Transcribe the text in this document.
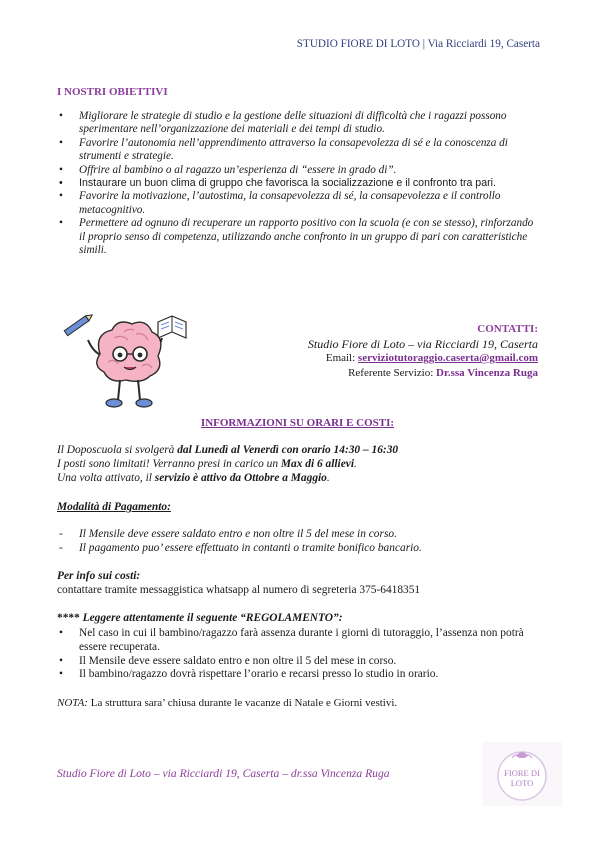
STUDIO FIORE DI LOTO | Via Ricciardi 19, Caserta
I NOSTRI OBIETTIVI
• Migliorare le strategie di studio e la gestione delle situazioni di difficoltà che i ragazzi possono sperimentare nell’organizzazione dei materiali e dei tempi di studio.
• Favorire l’autonomia nell’apprendimento attraverso la consapevolezza di sé e la conoscenza di strumenti e strategie.
• Offrire al bambino o al ragazzo un’esperienza di “essere in grado di”.
• Instaurare un buon clima di gruppo che favorisca la socializzazione e il confronto tra pari.
• Favorire la motivazione, l’autostima, la consapevolezza di sé, la consapevolezza e il controllo metacognitivo.
• Permettere ad ognuno di recuperare un rapporto positivo con la scuola (e con se stesso), rinforzando il proprio senso di competenza, utilizzando anche confronto in un gruppo di pari con caratteristiche simili.
CONTATTI:
Studio Fiore di Loto – via Ricciardi 19, Caserta
Email: serviziotutoraggio.caserta@gmail.com
Referente Servizio: Dr.ssa Vincenza Ruga
INFORMAZIONI SU ORARI E COSTI:
Il Doposcuola si svolgerà dal Lunedì al Venerdì con orario 14:30 – 16:30
I posti sono limitati! Verranno presi in carico un Max di 6 allievi.
Una volta attivato, il servizio è attivo da Ottobre a Maggio.
Modalità di Pagamento:
- Il Mensile deve essere saldato entro e non oltre il 5 del mese in corso.
- Il pagamento puo’ essere effettuato in contanti o tramite bonifico bancario.
Per info sui costi:
contattare tramite messaggistica whatsapp al numero di segreteria 375-6418351
**** Leggere attentamente il seguente “REGOLAMENTO”:
• Nel caso in cui il bambino/ragazzo farà assenza durante i giorni di tutoraggio, l’assenza non potrà essere recuperata.
• Il Mensile deve essere saldato entro e non oltre il 5 del mese in corso.
• Il bambino/ragazzo dovrà rispettare l’orario e recarsi presso lo studio in orario.
NOTA: La struttura sara’ chiusa durante le vacanze di Natale e Giorni vestivi.
Studio Fiore di Loto – via Ricciardi 19, Caserta – dr.ssa Vincenza Ruga	FIORE DI
LOTO
